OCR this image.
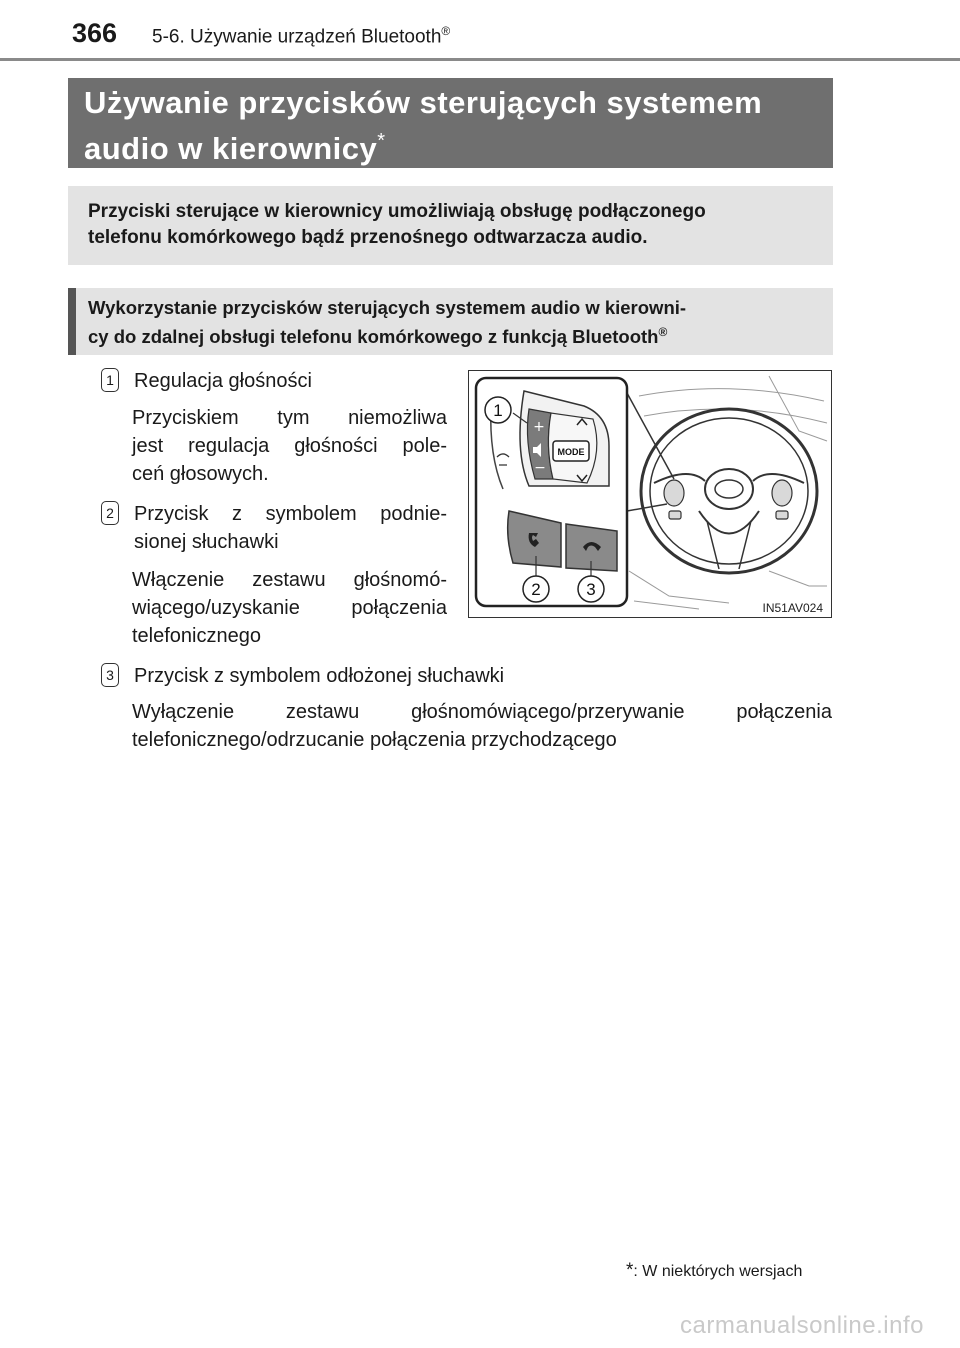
366 5-6. Używanie urządzeń Bluetooth®
Używanie przycisków sterujących systemem
audio w kierownicy*
Przyciski sterujące w kierownicy umożliwiają obsługę podłączonego
telefonu komórkowego bądź przenośnego odtwarzacza audio.
Wykorzystanie przycisków sterujących systemem audio w kierowni-
cy do zdalnej obsługi telefonu komórkowego z funkcją Bluetooth®
1 Regulacja głośności
Przyciskiem tym niemożliwa
jest regulacja głośności pole-
ceń głosowych.
2 Przycisk z symbolem podnie-
sionej słuchawki
Włączenie zestawu głośnomó-
wiącego/uzyskanie połączenia
telefonicznego
3 Przycisk z symbolem odłożonej słuchawki
Wyłączenie zestawu głośnomówiącego/przerywanie połączenia
telefonicznego/odrzucanie połączenia przychodzącego
MODE
+
−
1
2	3
IN51AV024
*: W niektórych wersjach
carmanualsonline.info
